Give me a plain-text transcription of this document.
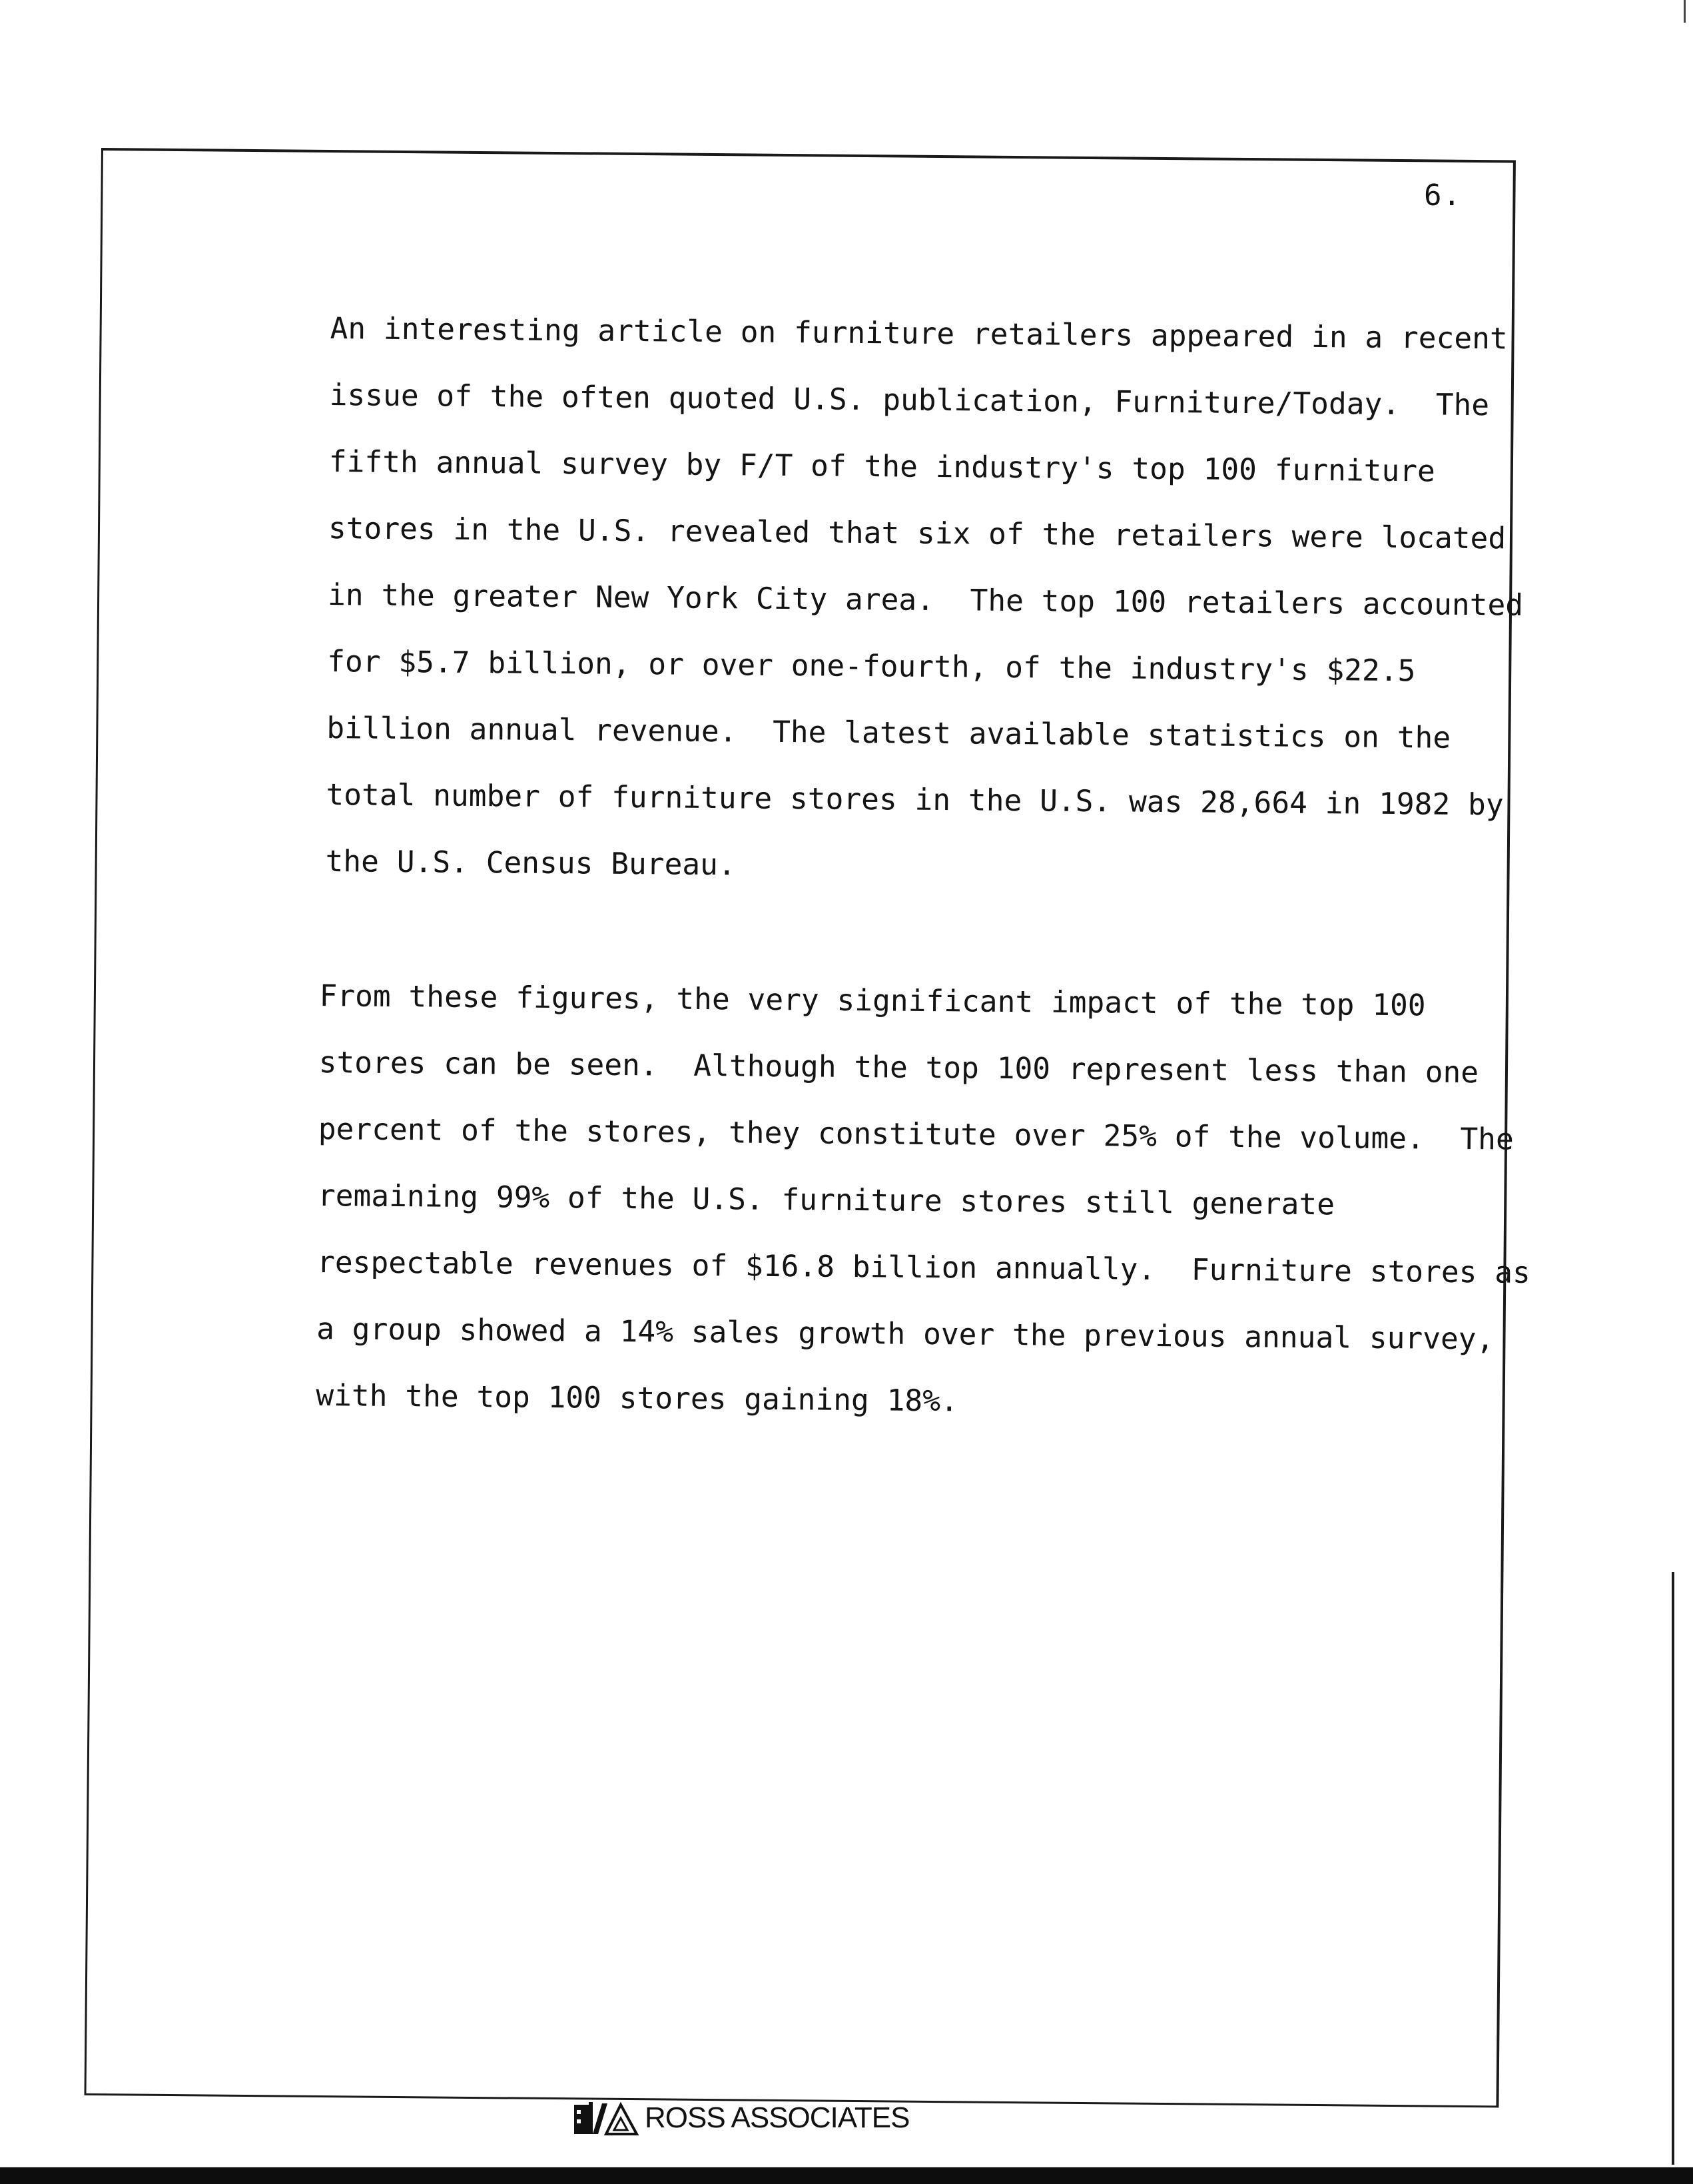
6.
An interesting article on furniture retailers appeared in a recent
issue of the often quoted U.S. publication, Furniture/Today.  The
fifth annual survey by F/T of the industry's top 100 furniture
stores in the U.S. revealed that six of the retailers were located
in the greater New York City area.  The top 100 retailers accounted
for $5.7 billion, or over one-fourth, of the industry's $22.5
billion annual revenue.  The latest available statistics on the
total number of furniture stores in the U.S. was 28,664 in 1982 by
the U.S. Census Bureau.
From these figures, the very significant impact of the top 100
stores can be seen.  Although the top 100 represent less than one
percent of the stores, they constitute over 25% of the volume.  The
remaining 99% of the U.S. furniture stores still generate
respectable revenues of $16.8 billion annually.  Furniture stores as
a group showed a 14% sales growth over the previous annual survey,
with the top 100 stores gaining 18%.
ROSS ASSOCIATES
